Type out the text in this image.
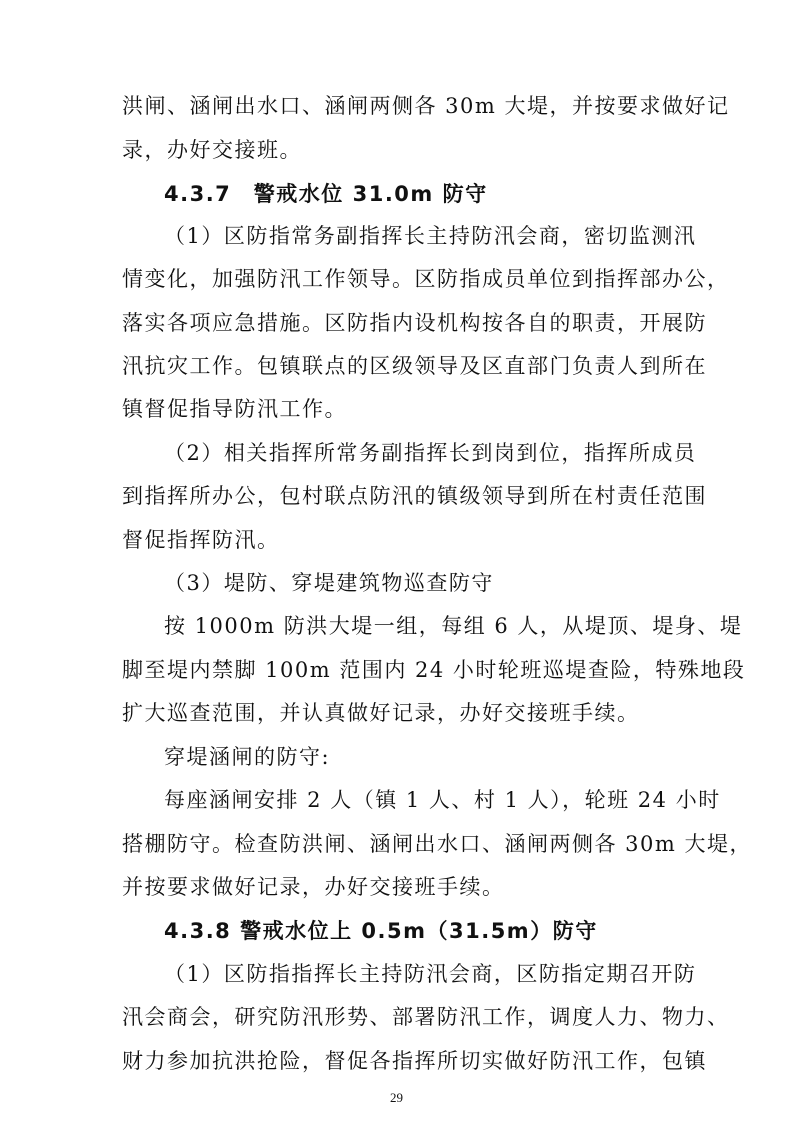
洪闸、涵闸出水口、涵闸两侧各 30m 大堤，并按要求做好记
录，办好交接班。
4.3.7　警戒水位 31.0m 防守
（1）区防指常务副指挥长主持防汛会商，密切监测汛
情变化，加强防汛工作领导。区防指成员单位到指挥部办公，
落实各项应急措施。区防指内设机构按各自的职责，开展防
汛抗灾工作。包镇联点的区级领导及区直部门负责人到所在
镇督促指导防汛工作。
（2）相关指挥所常务副指挥长到岗到位，指挥所成员
到指挥所办公，包村联点防汛的镇级领导到所在村责任范围
督促指挥防汛。
（3）堤防、穿堤建筑物巡查防守
按 1000m 防洪大堤一组，每组 6 人，从堤顶、堤身、堤
脚至堤内禁脚 100m 范围内 24 小时轮班巡堤查险，特殊地段
扩大巡查范围，并认真做好记录，办好交接班手续。
穿堤涵闸的防守:
每座涵闸安排 2 人（镇 1 人、村 1 人），轮班 24 小时
搭棚防守。检查防洪闸、涵闸出水口、涵闸两侧各 30m 大堤，
并按要求做好记录，办好交接班手续。
4.3.8 警戒水位上 0.5m（31.5m）防守
（1）区防指指挥长主持防汛会商，区防指定期召开防
汛会商会，研究防汛形势、部署防汛工作，调度人力、物力、
财力参加抗洪抢险，督促各指挥所切实做好防汛工作，包镇
29
